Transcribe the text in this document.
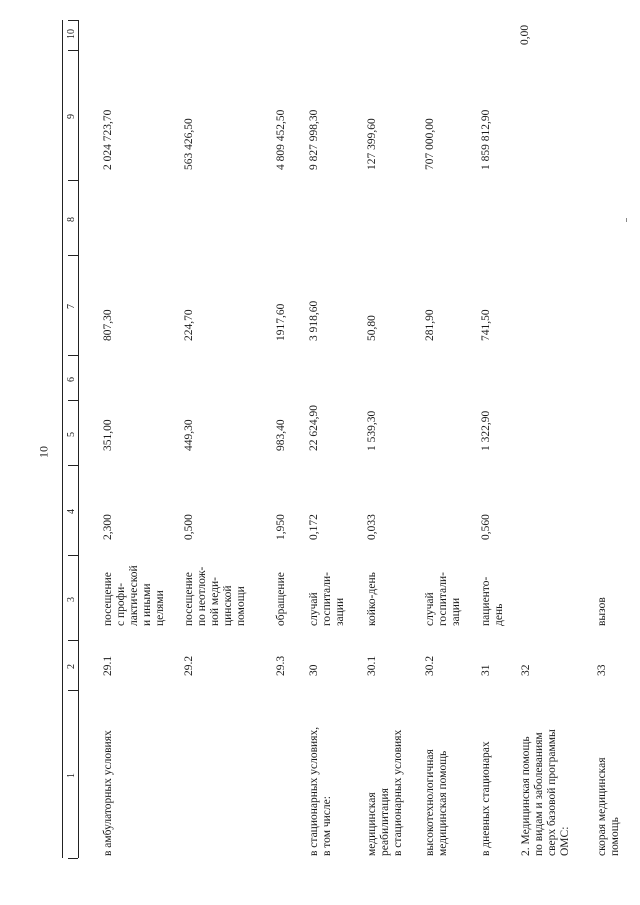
10
1
2
3
4
5
6
7
8
9
10
в амбулаторных условиях
29.1
посещение с профи- лактической и иными целями
2,300
351,00
807,30
2 024 723,70
29.2
посещение по неотлож- ной меди- цинской помощи
0,500
449,30
224,70
563 426,50
29.3
обращение
1,950
983,40
1917,60
4 809 452,50
в стационарных условиях, в том числе:
30
случай госпитали- зации
0,172
22 624,90
3 918,60
9 827 998,30
медицинская реабилитация в стационарных условиях
30.1
койко-день
0,033
1 539,30
50,80
127 399,60
высокотехнологичная медицинская помощь
30.2
случай госпитали- зации
281,90
707 000,00
в дневных стационарах
31
пациенто- день
0,560
1 322,90
741,50
1 859 812,90
2. Медицинская помощь по видам и заболеваниям сверх базовой программы ОМС:
32
0,00
скорая медицинская помощь
33
вызов
